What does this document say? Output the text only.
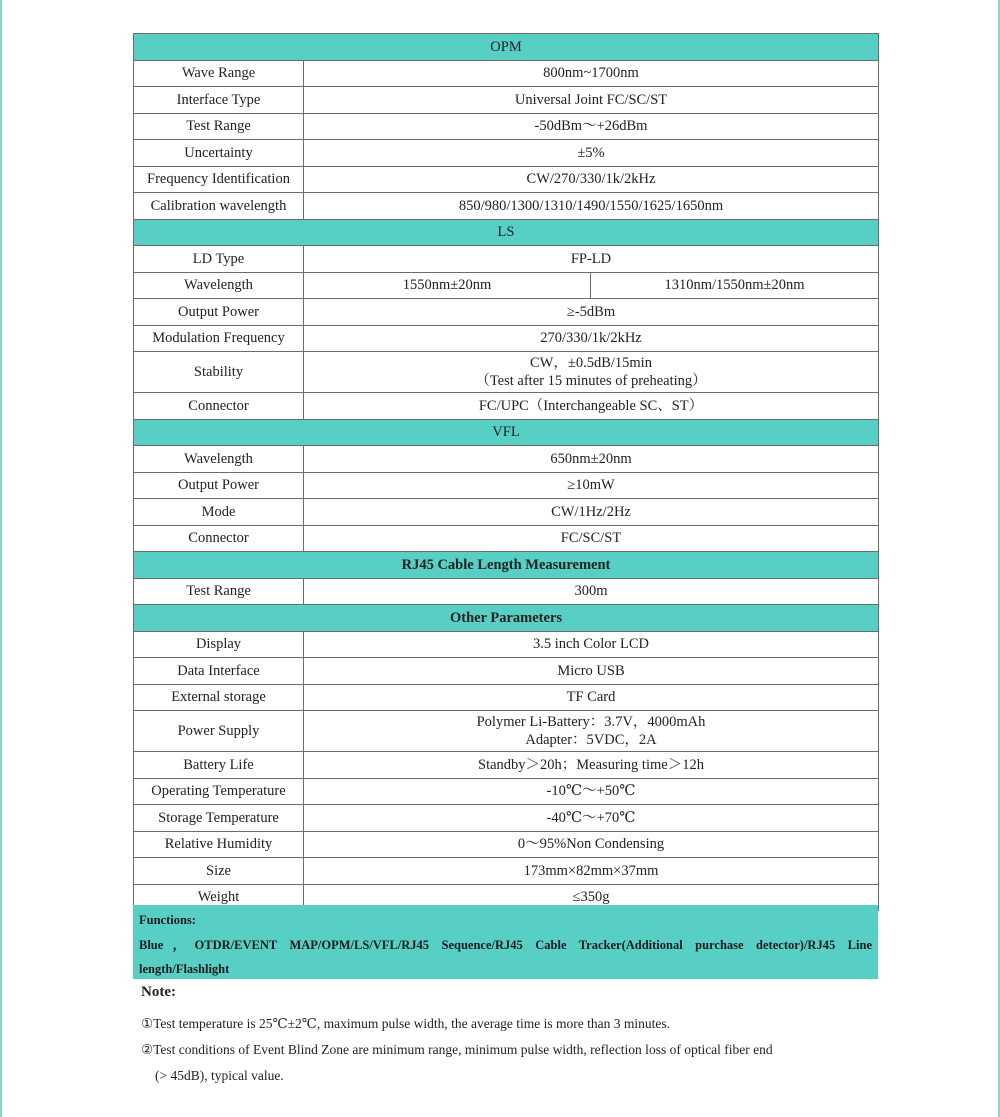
OPM		
Wave Range	800nm~1700nm	
Interface Type	Universal Joint FC/SC/ST	
Test Range	-50dBm～+26dBm	
Uncertainty	±5%	
Frequency Identification	CW/270/330/1k/2kHz	
Calibration wavelength	850/980/1300/1310/1490/1550/1625/1650nm	
LS		
LD Type	FP-LD	
Wavelength	1550nm±20nm	1310nm/1550nm±20nm
Output Power	≥-5dBm	
Modulation Frequency	270/330/1k/2kHz	
Stability	CW，±0.5dB/15min
（Test after 15 minutes of preheating）	

Connector	FC/UPC（Interchangeable SC、ST）	
VFL		
Wavelength	650nm±20nm	
Output Power	≥10mW	
Mode	CW/1Hz/2Hz	
Connector	FC/SC/ST	
RJ45 Cable Length Measurement		
Test Range	300m	
Other Parameters		
Display	3.5 inch Color LCD	
Data Interface	Micro USB	
External storage	TF Card	
Power Supply	Polymer Li-Battery：3.7V，4000mAh
Adapter：5VDC，2A	

Battery Life	Standby＞20h；Measuring time＞12h	
Operating Temperature	-10℃～+50℃	
Storage Temperature	-40℃～+70℃	
Relative Humidity	0～95%Non Condensing	
Size	173mm×82mm×37mm	
Weight	≤350g	
Functions:
Blue，OTDR/EVENT MAP/OPM/LS/VFL/RJ45 Sequence/RJ45 Cable Tracker(Additional purchase detector)/RJ45 Line length/Flashlight
Note:
①Test temperature is 25℃±2℃, maximum pulse width, the average time is more than 3 minutes.
②Test conditions of Event Blind Zone are minimum range, minimum pulse width, reflection loss of optical fiber end
(> 45dB), typical value.
